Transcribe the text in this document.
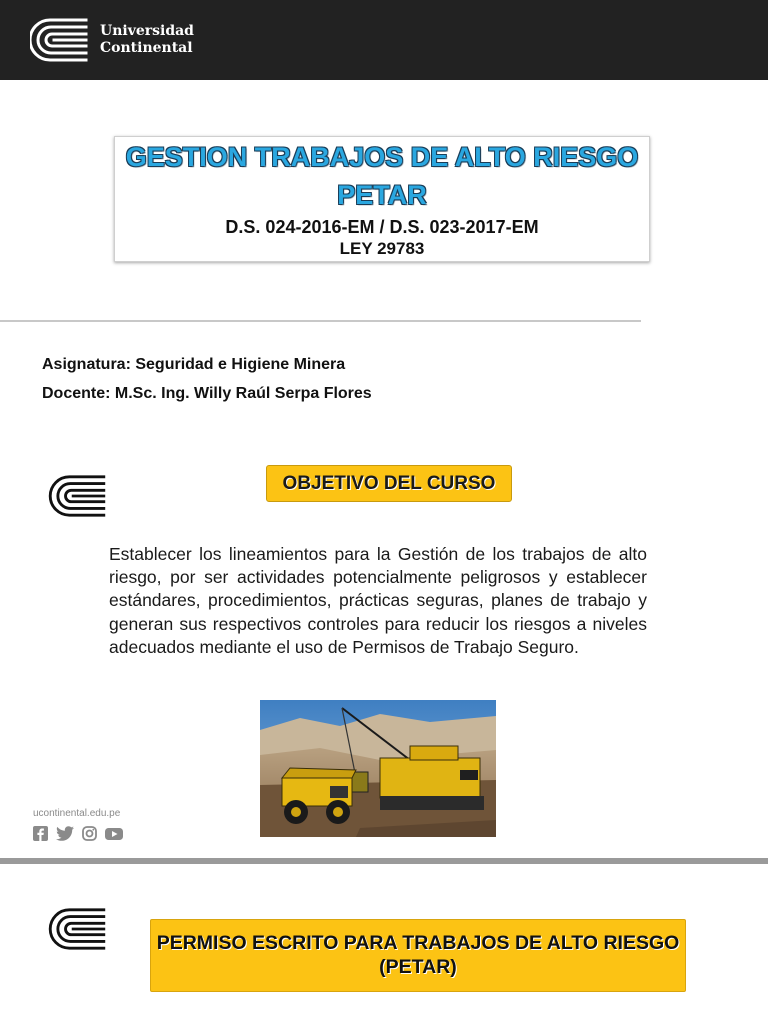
Universidad
Continental
GESTION TRABAJOS DE ALTO RIESGO
PETAR
D.S. 024-2016-EM / D.S. 023-2017-EM
LEY 29783
Asignatura: Seguridad e Higiene Minera
Docente: M.Sc. Ing. Willy Raúl Serpa Flores
OBJETIVO DEL CURSO
Establecer los lineamientos para la Gestión de los trabajos de alto riesgo, por ser actividades potencialmente peligrosos y establecer estándares, procedimientos, prácticas seguras, planes de trabajo y generan sus respectivos controles para reducir los riesgos a niveles adecuados mediante el uso de Permisos de Trabajo Seguro.
ucontinental.edu.pe
PERMISO ESCRITO PARA TRABAJOS DE ALTO RIESGO
(PETAR)
